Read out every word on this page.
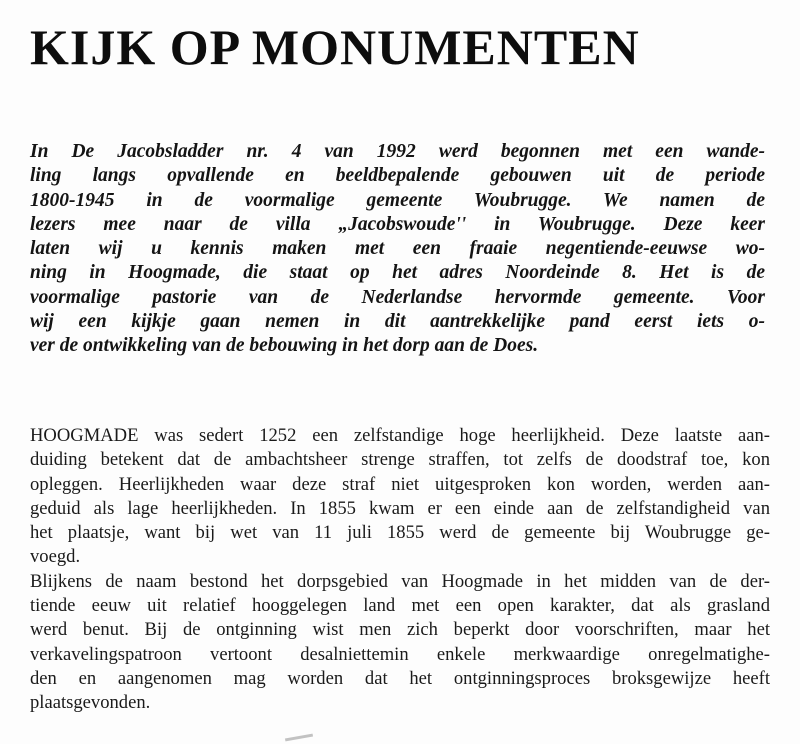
KIJK OP MONUMENTEN
In De Jacobsladder nr. 4 van 1992 werd begonnen met een wande-
ling langs opvallende en beeldbepalende gebouwen uit de periode
1800-1945 in de voormalige gemeente Woubrugge. We namen de
lezers mee naar de villa „Jacobswoude'' in Woubrugge. Deze keer
laten wij u kennis maken met een fraaie negentiende-eeuwse wo-
ning in Hoogmade, die staat op het adres Noordeinde 8. Het is de
voormalige pastorie van de Nederlandse hervormde gemeente. Voor
wij een kijkje gaan nemen in dit aantrekkelijke pand eerst iets o-
ver de ontwikkeling van de bebouwing in het dorp aan de Does.
HOOGMADE was sedert 1252 een zelfstandige hoge heerlijkheid. Deze laatste aan-
duiding betekent dat de ambachtsheer strenge straffen, tot zelfs de doodstraf toe, kon
opleggen. Heerlijkheden waar deze straf niet uitgesproken kon worden, werden aan-
geduid als lage heerlijkheden. In 1855 kwam er een einde aan de zelfstandigheid van
het plaatsje, want bij wet van 11 juli 1855 werd de gemeente bij Woubrugge ge-
voegd.
Blijkens de naam bestond het dorpsgebied van Hoogmade in het midden van de der-
tiende eeuw uit relatief hooggelegen land met een open karakter, dat als grasland
werd benut. Bij de ontginning wist men zich beperkt door voorschriften, maar het
verkavelingspatroon vertoont desalniettemin enkele merkwaardige onregelmatighe-
den en aangenomen mag worden dat het ontginningsproces broksgewijze heeft
plaatsgevonden.
